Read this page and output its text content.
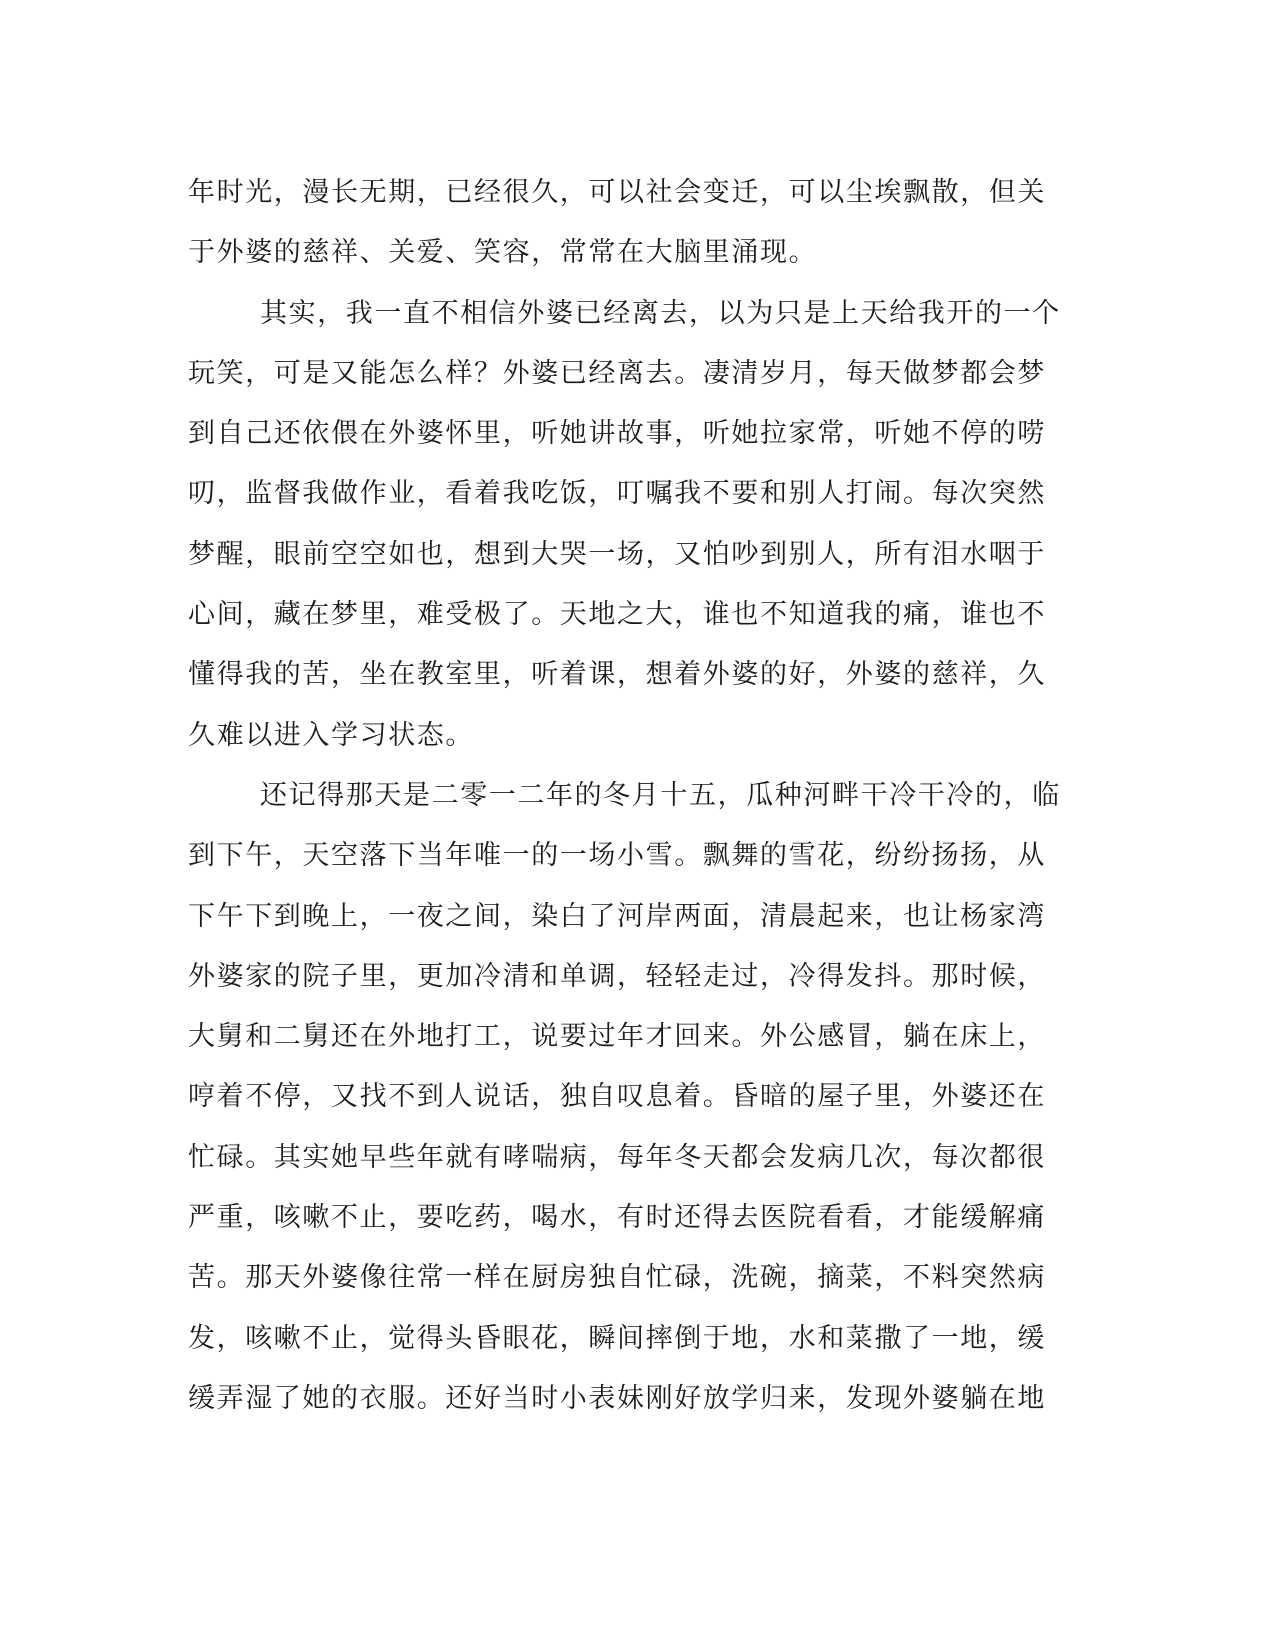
年时光，漫长无期，已经很久，可以社会变迁，可以尘埃飘散，但关
于外婆的慈祥、关爱、笑容，常常在大脑里涌现。
其实，我一直不相信外婆已经离去，以为只是上天给我开的一个
玩笑，可是又能怎么样？外婆已经离去。凄清岁月，每天做梦都会梦
到自己还依偎在外婆怀里，听她讲故事，听她拉家常，听她不停的唠
叨，监督我做作业，看着我吃饭，叮嘱我不要和别人打闹。每次突然
梦醒，眼前空空如也，想到大哭一场，又怕吵到别人，所有泪水咽于
心间，藏在梦里，难受极了。天地之大，谁也不知道我的痛，谁也不
懂得我的苦，坐在教室里，听着课，想着外婆的好，外婆的慈祥，久
久难以进入学习状态。
还记得那天是二零一二年的冬月十五，瓜种河畔干冷干冷的，临
到下午，天空落下当年唯一的一场小雪。飘舞的雪花，纷纷扬扬，从
下午下到晚上，一夜之间，染白了河岸两面，清晨起来，也让杨家湾
外婆家的院子里，更加冷清和单调，轻轻走过，冷得发抖。那时候，
大舅和二舅还在外地打工，说要过年才回来。外公感冒，躺在床上，
哼着不停，又找不到人说话，独自叹息着。昏暗的屋子里，外婆还在
忙碌。其实她早些年就有哮喘病，每年冬天都会发病几次，每次都很
严重，咳嗽不止，要吃药，喝水，有时还得去医院看看，才能缓解痛
苦。那天外婆像往常一样在厨房独自忙碌，洗碗，摘菜，不料突然病
发，咳嗽不止，觉得头昏眼花，瞬间摔倒于地，水和菜撒了一地，缓
缓弄湿了她的衣服。还好当时小表妹刚好放学归来，发现外婆躺在地
